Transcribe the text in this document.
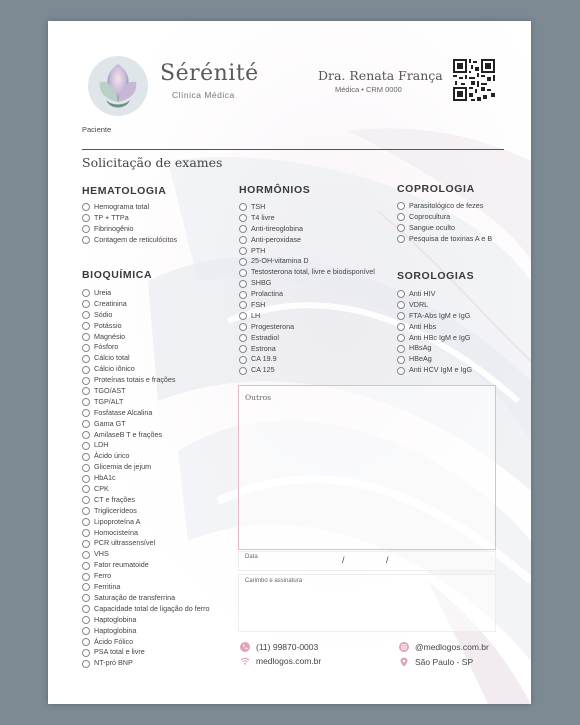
Sérénité
Clínica Médica
Dra. Renata França
Médica • CRM 0000
Paciente
Solicitação de exames
HEMATOLOGIA
Hemograma total
TP + TTPa
Fibrinogênio
Contagem de reticulócitos
BIOQUÍMICA
Ureia
Creatinina
Sódio
Potássio
Magnésio
Fósforo
Cálcio total
Cálcio iônico
Proteínas totais e frações
TGO/AST
TGP/ALT
Fosfatase Alcalina
Gama GT
AmilaseB T e frações
LDH
Ácido úrico
Glicemia de jejum
HbA1c
CPK
CT e frações
Triglicerídeos
Lipoproteína A
Homocisteína
PCR ultrassensível
VHS
Fator reumatoide
Ferro
Ferritina
Saturação de transferrina
Capacidade total de ligação do ferro
Haptoglobina
Haptoglobina
Ácido Fólico
PSA total e livre
NT-pró BNP
HORMÔNIOS
TSH
T4 livre
Anti-tireoglobina
Anti-peroxidase
PTH
25-OH-vitamina D
Testosterona total, livre e biodisponível
SHBG
Prolactina
FSH
LH
Progesterona
Estradiol
Estrona
CA 19.9
CA 125
COPROLOGIA
Parasitológico de fezes
Coprocultura
Sangue oculto
Pesquisa de toxinas A e B
SOROLOGIAS
Anti HIV
VDRL
FTA-Abs IgM e IgG
Anti Hbs
Anti HBc IgM e IgG
HBsAg
HBeAg
Anti HCV IgM e IgG
Outros
Data	/	/
Carimbo e assinatura
(11) 99870-0003
medlogos.com.br
@medlogos.com.br
São Paulo - SP
